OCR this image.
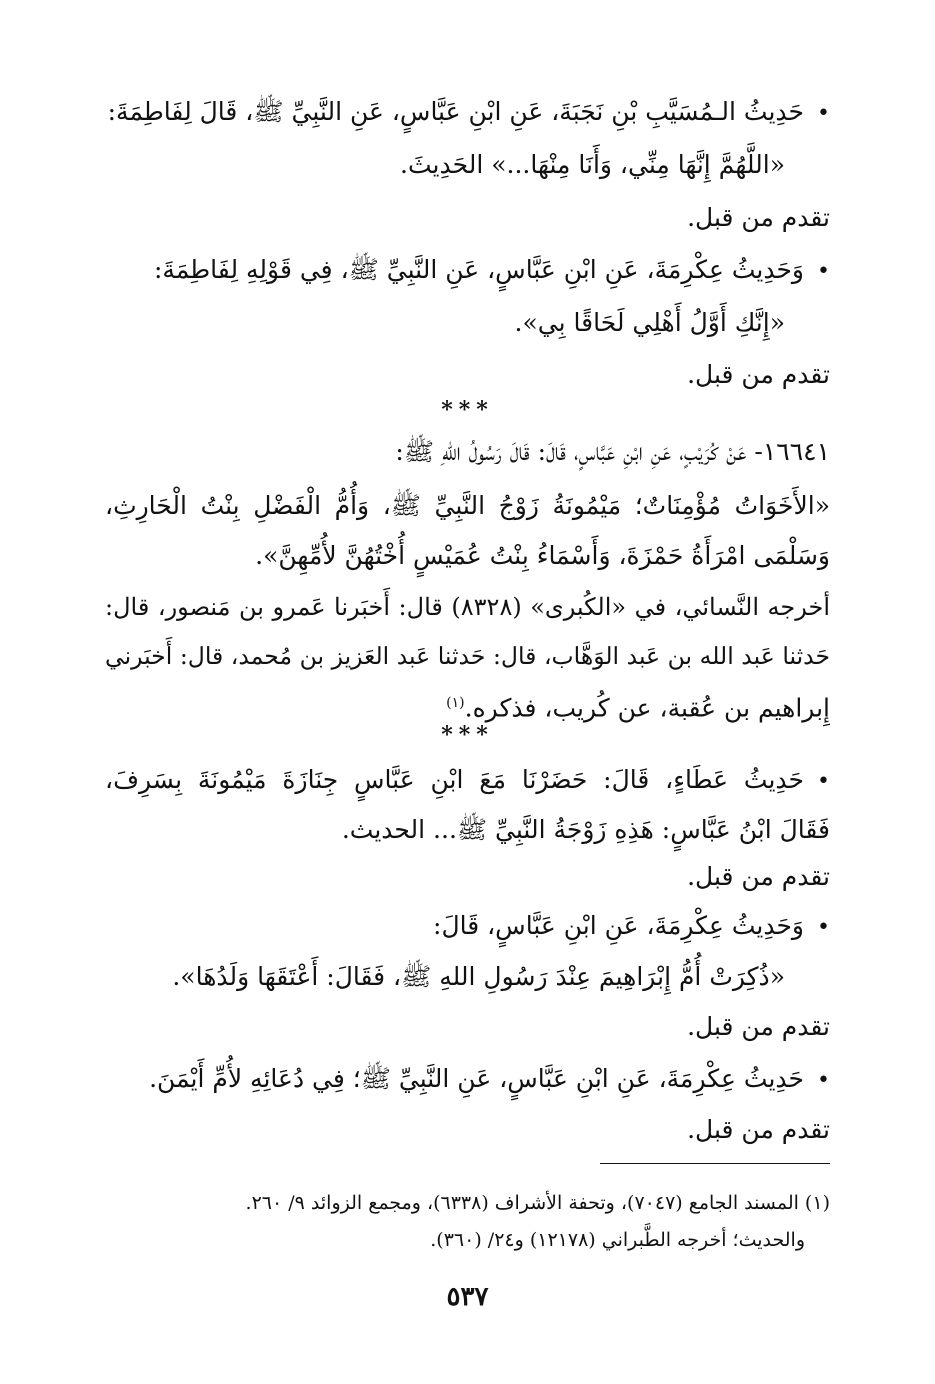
•حَدِيثُ الـمُسَيَّبِ بْنِ نَجَبَةَ، عَنِ ابْنِ عَبَّاسٍ، عَنِ النَّبِيِّ ﷺ، قَالَ لِفَاطِمَةَ:

«اللَّهُمَّ إِنَّهَا مِنِّي، وَأَنَا مِنْهَا...» الحَدِيثَ.

تقدم من قبل.

•وَحَدِيثُ عِكْرِمَةَ، عَنِ ابْنِ عَبَّاسٍ، عَنِ النَّبِيِّ ﷺ، فِي قَوْلِهِ لِفَاطِمَةَ:

«إِنَّكِ أَوَّلُ أَهْلِي لَحَاقًا بِي».

تقدم من قبل.

***

١٦٦٤١- عَنْ كُرَيْبٍ، عَنِ ابْنِ عَبَّاسٍ، قَالَ: قَالَ رَسُولُ اللهِ ﷺ:

«الأَخَوَاتُ مُؤْمِنَاتٌ؛ مَيْمُونَةُ زَوْجُ النَّبِيِّ ﷺ، وَأُمُّ الْفَضْلِ بِنْتُ الْحَارِثِ،

وَسَلْمَى امْرَأَةُ حَمْزَةَ، وَأَسْمَاءُ بِنْتُ عُمَيْسٍ أُخْتُهُنَّ لأُمِّهِنَّ».

أخرجه النَّسائي، في «الكُبرى» (٨٣٢٨) قال: أَخبَرنا عَمرو بن مَنصور، قال:

حَدثنا عَبد الله بن عَبد الوَهَّاب، قال: حَدثنا عَبد العَزيز بن مُحمد، قال: أَخبَرني

إِبراهيم بن عُقبة، عن كُريب، فذكره.$^{(١)}$

***

•حَدِيثُ عَطَاءٍ، قَالَ: حَضَرْنَا مَعَ ابْنِ عَبَّاسٍ جِنَازَةَ مَيْمُونَةَ بِسَرِفَ،

فَقَالَ ابْنُ عَبَّاسٍ: هَذِهِ زَوْجَةُ النَّبِيِّ ﷺ... الحديث.

تقدم من قبل.

•وَحَدِيثُ عِكْرِمَةَ، عَنِ ابْنِ عَبَّاسٍ، قَالَ:

«ذُكِرَتْ أُمُّ إِبْرَاهِيمَ عِنْدَ رَسُولِ اللهِ ﷺ، فَقَالَ: أَعْتَقَهَا وَلَدُهَا».

تقدم من قبل.

•حَدِيثُ عِكْرِمَةَ، عَنِ ابْنِ عَبَّاسٍ، عَنِ النَّبِيِّ ﷺ؛ فِي دُعَائِهِ لأُمِّ أَيْمَنَ.

تقدم من قبل.

(١) المسند الجامع (٧٠٤٧)، وتحفة الأشراف (٦٣٣٨)، ومجمع الزوائد ٩/ ٢٦٠.
والحديث؛ أخرجه الطَّبراني (١٢١٧٨) و٢٤/ (٣٦٠).
٥٣٧
